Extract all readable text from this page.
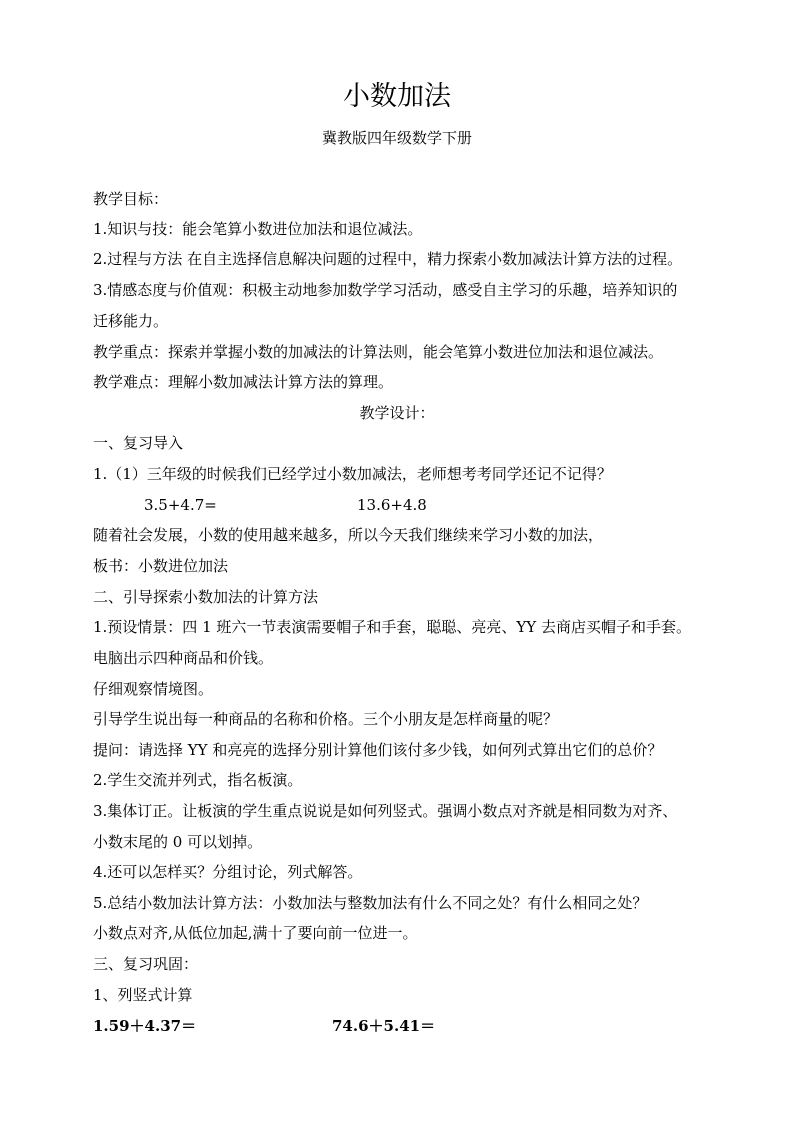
小数加法
冀教版四年级数学下册
教学目标：
1.知识与技：能会笔算小数进位加法和退位减法。
2.过程与方法 在自主选择信息解决问题的过程中，精力探索小数加减法计算方法的过程。
3.情感态度与价值观：积极主动地参加数学学习活动，感受自主学习的乐趣，培养知识的
迁移能力。
教学重点：探索并掌握小数的加减法的计算法则，能会笔算小数进位加法和退位减法。
教学难点：理解小数加减法计算方法的算理。
教学设计：
一、复习导入
1.（1）三年级的时候我们已经学过小数加减法，老师想考考同学还记不记得？
3.5+4.7=	13.6+4.8
随着社会发展，小数的使用越来越多，所以今天我们继续来学习小数的加法，
板书：小数进位加法
二、引导探索小数加法的计算方法
1.预设情景：四 1 班六一节表演需要帽子和手套，聪聪、亮亮、YY 去商店买帽子和手套。
电脑出示四种商品和价钱。
仔细观察情境图。
引导学生说出每一种商品的名称和价格。三个小朋友是怎样商量的呢？
提问：请选择 YY 和亮亮的选择分别计算他们该付多少钱，如何列式算出它们的总价？
2.学生交流并列式，指名板演。
3.集体订正。让板演的学生重点说说是如何列竖式。强调小数点对齐就是相同数为对齐、
小数末尾的 0 可以划掉。
4.还可以怎样买？分组讨论，列式解答。
5.总结小数加法计算方法：小数加法与整数加法有什么不同之处？有什么相同之处？
小数点对齐,从低位加起,满十了要向前一位进一。
三、复习巩固：
1、列竖式计算
1.59＋4.37＝	74.6＋5.41＝
